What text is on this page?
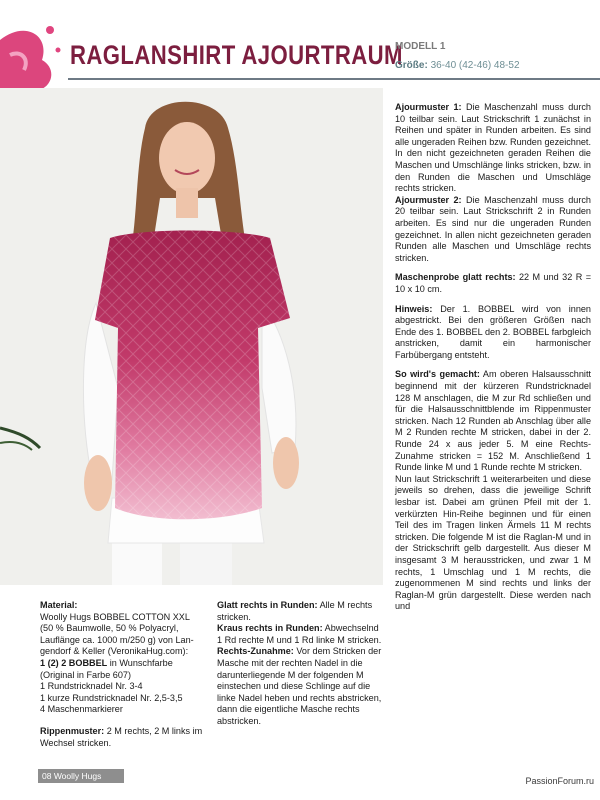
RAGLANSHIRT AJOURTRAUM
MODELL 1
Größe: 36-40 (42-46) 48-52

Material:
Woolly Hugs BOBBEL COTTON XXL
(50 % Baumwolle, 50 % Polyacryl,
Lauflänge ca. 1000 m/250 g) von Lan-
gendorf & Keller (VeronikaHug.com):
1 (2) 2 BOBBEL in Wunschfarbe
(Original in Farbe 607)
1 Rundstricknadel Nr. 3-4
1 kurze Rundstricknadel Nr. 2,5-3,5
4 Maschenmarkierer

Rippenmuster: 2 M rechts, 2 M links im Wechsel stricken.

Glatt rechts in Runden: Alle M rechts stricken.

Kraus rechts in Runden: Abwechselnd 1 Rd rechte M und 1 Rd linke M stricken.

Rechts-Zunahme: Vor dem Stricken der Masche mit der rechten Nadel in die darunterliegende M der folgenden M einstechen und diese Schlinge auf die linke Nadel heben und rechts abstricken, dann die eigentliche Masche rechts abstricken.

Ajourmuster 1: Die Maschenzahl muss durch 10 teilbar sein. Laut Strickschrift 1 zunächst in Reihen und später in Runden arbeiten. Es sind alle ungeraden Reihen bzw. Runden gezeichnet. In den nicht gezeichneten geraden Reihen die Maschen und Umschlänge links stricken, bzw. in den Runden die Maschen und Umschläge rechts stricken.

Ajourmuster 2: Die Maschenzahl muss durch 20 teilbar sein. Laut Strickschrift 2 in Runden arbeiten. Es sind nur die ungeraden Runden gezeichnet. In allen nicht gezeichneten geraden Runden alle Maschen und Umschläge rechts stricken.

Maschenprobe glatt rechts: 22 M und 32 R = 10 x 10 cm.

Hinweis: Der 1. BOBBEL wird von innen abgestrickt. Bei den größeren Größen nach Ende des 1. BOBBEL den 2. BOBBEL farbgleich anstricken, damit ein harmonischer Farbübergang entsteht.

So wird's gemacht: Am oberen Halsausschnitt beginnend mit der kürzeren Rundstricknadel 128 M anschlagen, die M zur Rd schließen und für die Halsausschnittblende im Rippenmuster stricken. Nach 12 Runden ab Anschlag über alle M 2 Runden rechte M stricken, dabei in der 2. Runde 24 x aus jeder 5. M eine Rechts-Zunahme stricken = 152 M. Anschließend 1 Runde linke M und 1 Runde rechte M stricken.

Nun laut Strickschrift 1 weiterarbeiten und diese jeweils so drehen, dass die jeweilige Schrift lesbar ist. Dabei am grünen Pfeil mit der 1. verkürzten Hin-Reihe beginnen und für einen Teil des im Tragen linken Ärmels 11 M rechts stricken. Die folgende M ist die Raglan-M und in der Strickschrift gelb dargestellt. Aus dieser M insgesamt 3 M herausstricken, und zwar 1 M rechts, 1 Umschlag und 1 M rechts, die zugenommenen M sind rechts und links der Raglan-M grün dargestellt. Diese werden nach und

08 Woolly Hugs	PassionForum.ru
